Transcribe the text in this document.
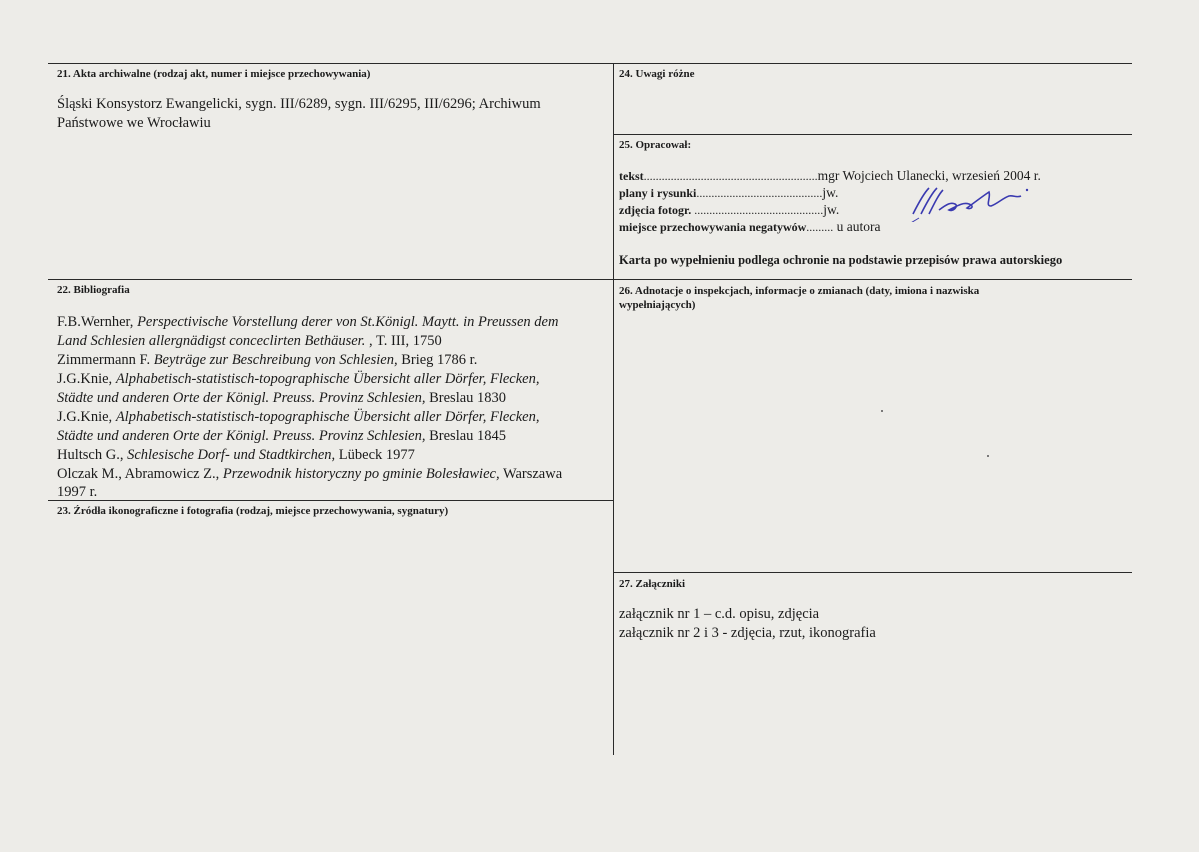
21. Akta archiwalne (rodzaj akt, numer i miejsce przechowywania)
Śląski Konsystorz Ewangelicki, sygn. III/6289, sygn. III/6295, III/6296; Archiwum
Państwowe we Wrocławiu
24. Uwagi różne
25. Opracował:
tekst..........................................................mgr Wojciech Ulanecki, wrzesień 2004 r.
plany i rysunki..........................................jw.
zdjęcia fotogr. ...........................................jw.
miejsce przechowywania negatywów......... u autora
Karta po wypełnieniu podlega ochronie na podstawie przepisów prawa autorskiego
22. Bibliografia
F.B.Wernher, Perspectivische Vorstellung derer von St.Königl. Maytt. in Preussen dem
Land Schlesien allergnädigst conceclirten Bethäuser. , T. III, 1750
Zimmermann F. Beyträge zur Beschreibung von Schlesien, Brieg 1786 r.
J.G.Knie, Alphabetisch-statistisch-topographische Übersicht aller Dörfer, Flecken,
Städte und anderen Orte der Königl. Preuss. Provinz Schlesien, Breslau 1830
J.G.Knie, Alphabetisch-statistisch-topographische Übersicht aller Dörfer, Flecken,
Städte und anderen Orte der Königl. Preuss. Provinz Schlesien, Breslau 1845
Hultsch G., Schlesische Dorf- und Stadtkirchen, Lübeck 1977
Olczak M., Abramowicz Z., Przewodnik historyczny po gminie Bolesławiec, Warszawa
1997 r.
23. Źródła ikonograficzne i fotografia (rodzaj, miejsce przechowywania, sygnatury)
26. Adnotacje o inspekcjach, informacje o zmianach (daty, imiona i nazwiska
wypełniających)
27. Załączniki
załącznik nr 1 – c.d. opisu, zdjęcia
załącznik nr 2 i 3 - zdjęcia, rzut, ikonografia
